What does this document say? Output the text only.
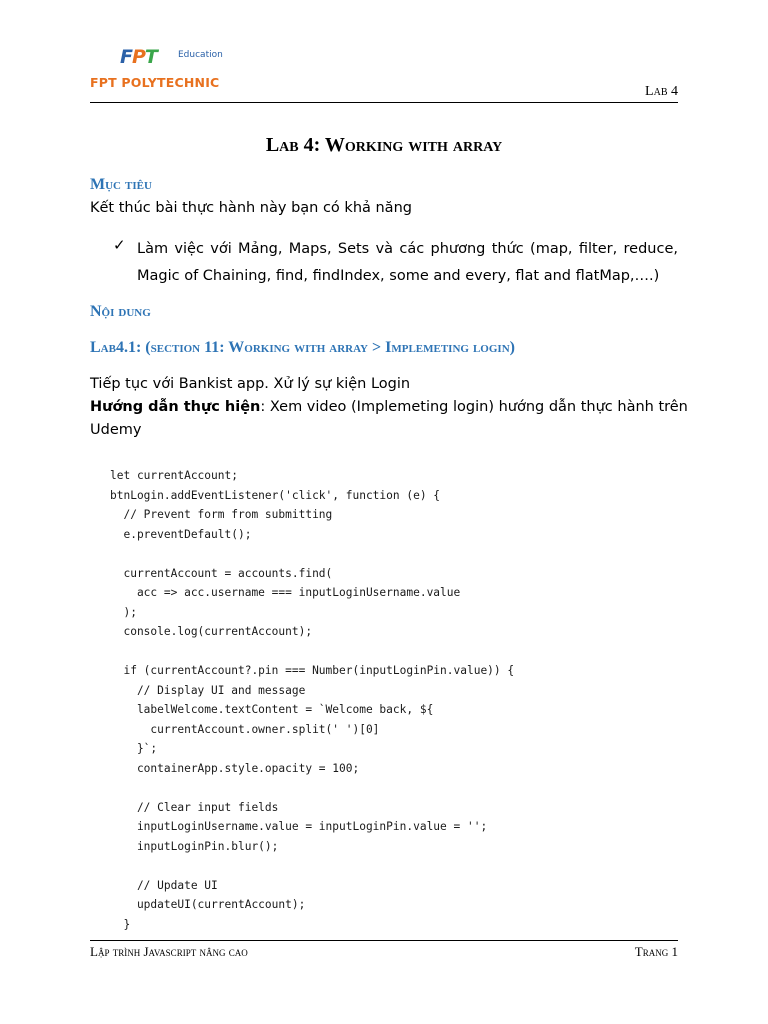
F P T Education
FPT POLYTECHNIC
Lab 4
Lab 4: Working with array
Mục tiêu
Kết thúc bài thực hành này bạn có khả năng
✓ Làm việc với Mảng, Maps, Sets và các phương thức (map, filter, reduce,
Magic of Chaining, find, findIndex, some and every, flat and flatMap,….)
Nội dung
Lab4.1: (section 11: Working with array > Implemeting login)
Tiếp tục với Bankist app. Xử lý sự kiện Login
Hướng dẫn thực hiện: Xem video (Implemeting login) hướng dẫn thực hành trên
Udemy
let currentAccount;
btnLogin.addEventListener('click', function (e) {
// Prevent form from submitting
e.preventDefault();

currentAccount = accounts.find(
acc => acc.username === inputLoginUsername.value
);
console.log(currentAccount);

if (currentAccount?.pin === Number(inputLoginPin.value)) {
// Display UI and message
labelWelcome.textContent = `Welcome back, ${
currentAccount.owner.split(' ')[0]
}`;
containerApp.style.opacity = 100;

// Clear input fields
inputLoginUsername.value = inputLoginPin.value = '';
inputLoginPin.blur();

// Update UI
updateUI(currentAccount);
}
Lập trình Javascript nâng cao	Trang 1
